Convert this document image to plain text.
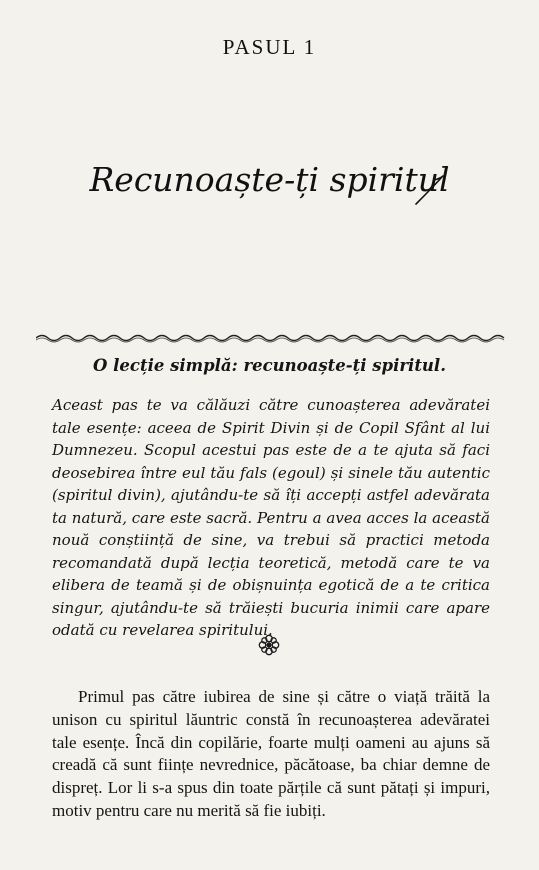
PASUL 1
Recunoaște-ți spiritul
O lecție simplă: recunoaște-ți spiritul.

Aceast pas te va călăuzi către cunoașterea adevăratei tale esențe: aceea de Spirit Divin și de Copil Sfânt al lui Dumnezeu. Scopul acestui pas este de a te ajuta să faci deosebirea între eul tău fals (egoul) și sinele tău autentic (spiritul divin), ajutându-te să îți accepți astfel adevărata ta natură, care este sacră. Pentru a avea acces la această nouă conștiință de sine, va trebui să practici metoda recomandată după lecția teoretică, metodă care te va elibera de teamă și de obișnuința egotică de a te critica singur, ajutându-te să trăiești bucuria inimii care apare odată cu revelarea spiritului.

Primul pas către iubirea de sine și către o viață trăită la unison cu spiritul lăuntric constă în recunoașterea adevăratei tale esențe. Încă din copilărie, foarte mulți oameni au ajuns să creadă că sunt ființe nevrednice, păcătoase, ba chiar demne de dispreț. Lor li s-a spus din toate părțile că sunt pătați și impuri, motiv pentru care nu merită să fie iubiți.
